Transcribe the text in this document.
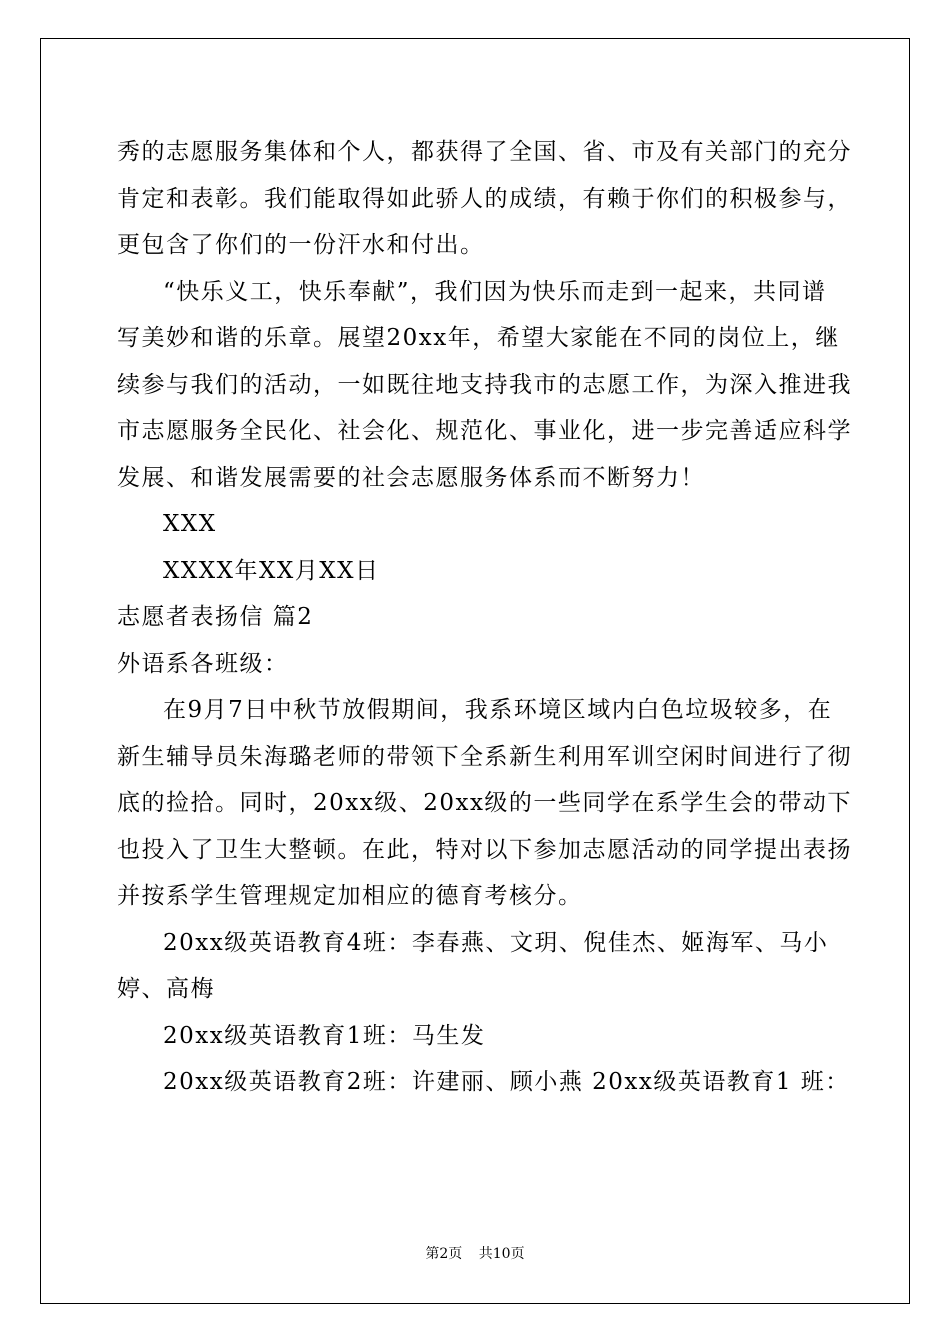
秀的志愿服务集体和个人，都获得了全国、省、市及有关部门的充分
肯定和表彰。我们能取得如此骄人的成绩，有赖于你们的积极参与，
更包含了你们的一份汗水和付出。
“快乐义工，快乐奉献”，我们因为快乐而走到一起来，共同谱
写美妙和谐的乐章。展望20xx年，希望大家能在不同的岗位上，继
续参与我们的活动，一如既往地支持我市的志愿工作，为深入推进我
市志愿服务全民化、社会化、规范化、事业化，进一步完善适应科学
发展、和谐发展需要的社会志愿服务体系而不断努力！
XXX
XXXX年XX月XX日
志愿者表扬信 篇2
外语系各班级：
在9月7日中秋节放假期间，我系环境区域内白色垃圾较多，在
新生辅导员朱海璐老师的带领下全系新生利用军训空闲时间进行了彻
底的捡拾。同时，20xx级、20xx级的一些同学在系学生会的带动下
也投入了卫生大整顿。在此，特对以下参加志愿活动的同学提出表扬
并按系学生管理规定加相应的德育考核分。
20xx级英语教育4班：李春燕、文玥、倪佳杰、姬海军、马小
婷、高梅
20xx级英语教育1班：马生发
20xx级英语教育2班：许建丽、顾小燕 20xx级英语教育1 班：
第2页 共10页
